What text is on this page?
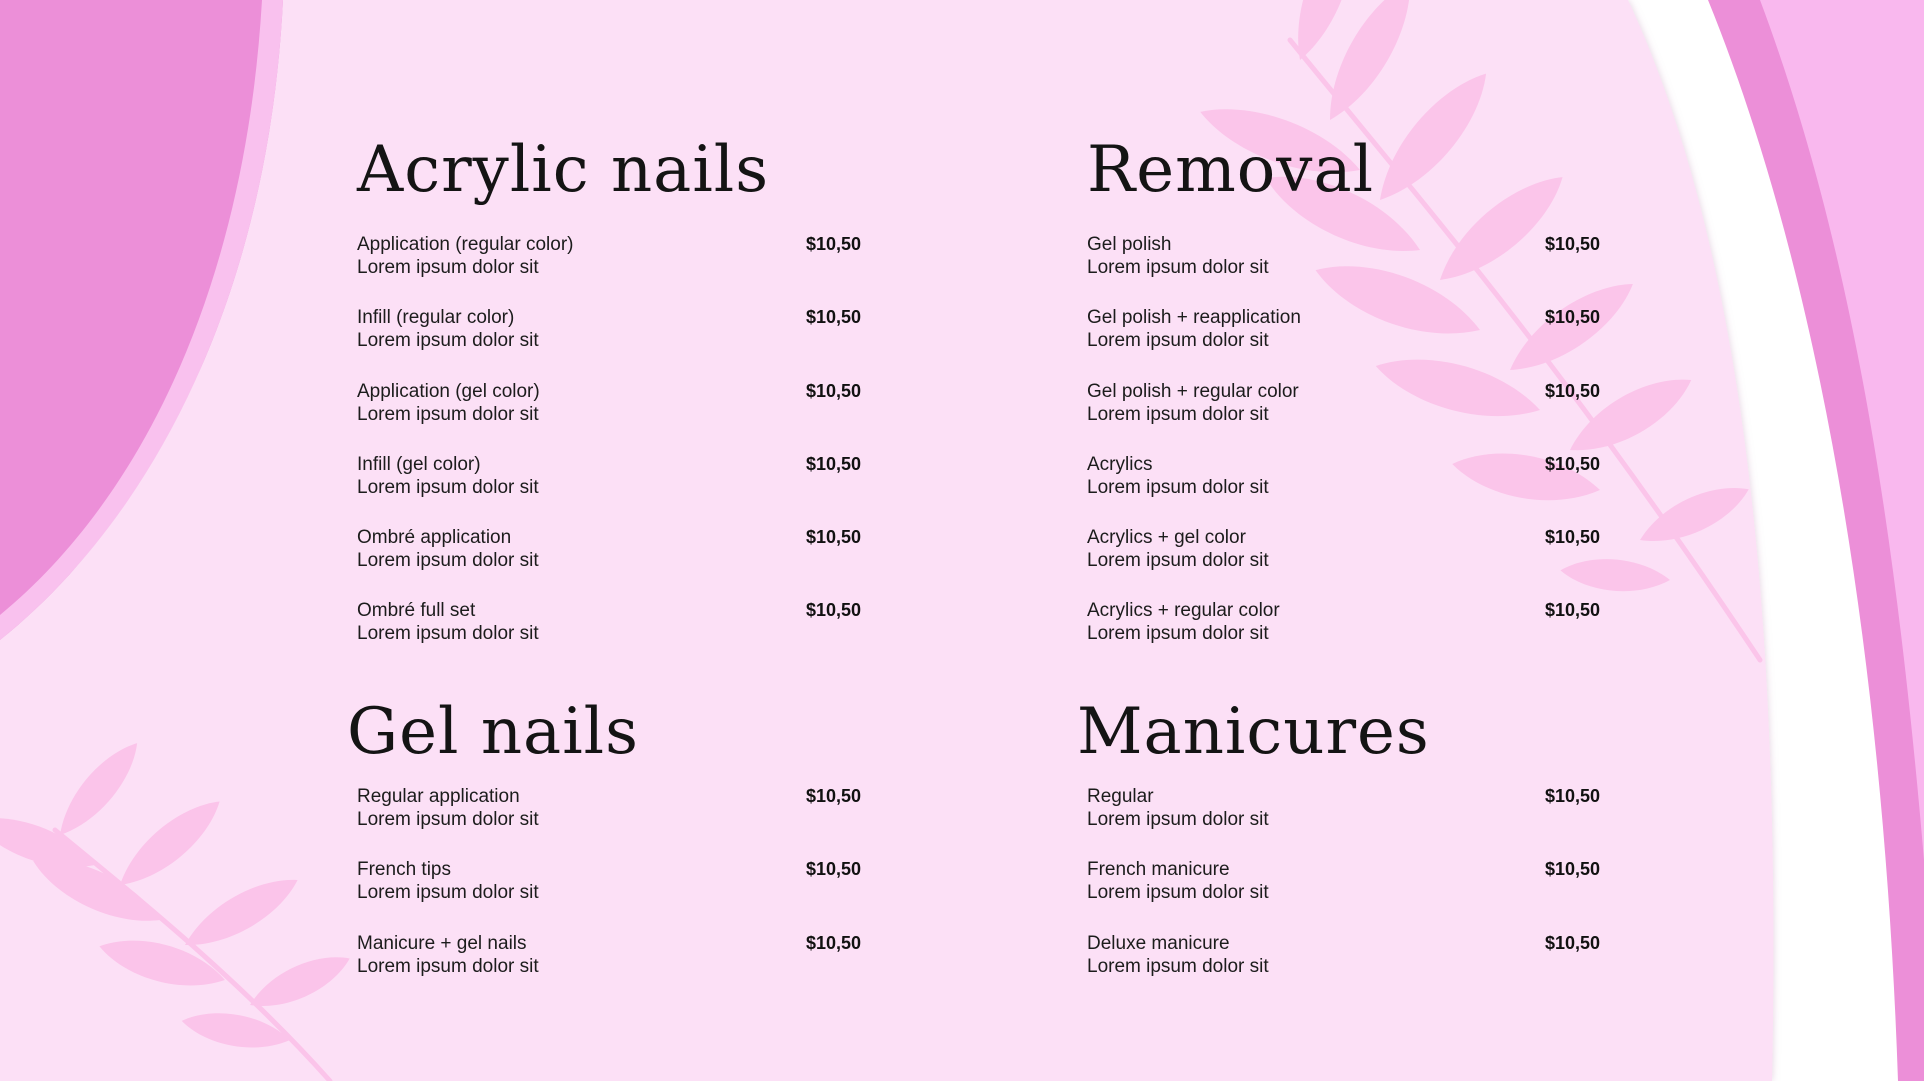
Acrylic nails
Application (regular color)
Lorem ipsum dolor sit
$10,50
Infill (regular color)
Lorem ipsum dolor sit
$10,50
Application (gel color)
Lorem ipsum dolor sit
$10,50
Infill (gel color)
Lorem ipsum dolor sit
$10,50
Ombré application
Lorem ipsum dolor sit
$10,50
Ombré full set
Lorem ipsum dolor sit
$10,50
Removal
Gel polish
Lorem ipsum dolor sit
$10,50
Gel polish + reapplication
Lorem ipsum dolor sit
$10,50
Gel polish + regular color
Lorem ipsum dolor sit
$10,50
Acrylics
Lorem ipsum dolor sit
$10,50
Acrylics + gel color
Lorem ipsum dolor sit
$10,50
Acrylics + regular color
Lorem ipsum dolor sit
$10,50
Gel nails
Regular application
Lorem ipsum dolor sit
$10,50
French tips
Lorem ipsum dolor sit
$10,50
Manicure + gel nails
Lorem ipsum dolor sit
$10,50
Manicures
Regular
Lorem ipsum dolor sit
$10,50
French manicure
Lorem ipsum dolor sit
$10,50
Deluxe manicure
Lorem ipsum dolor sit
$10,50
